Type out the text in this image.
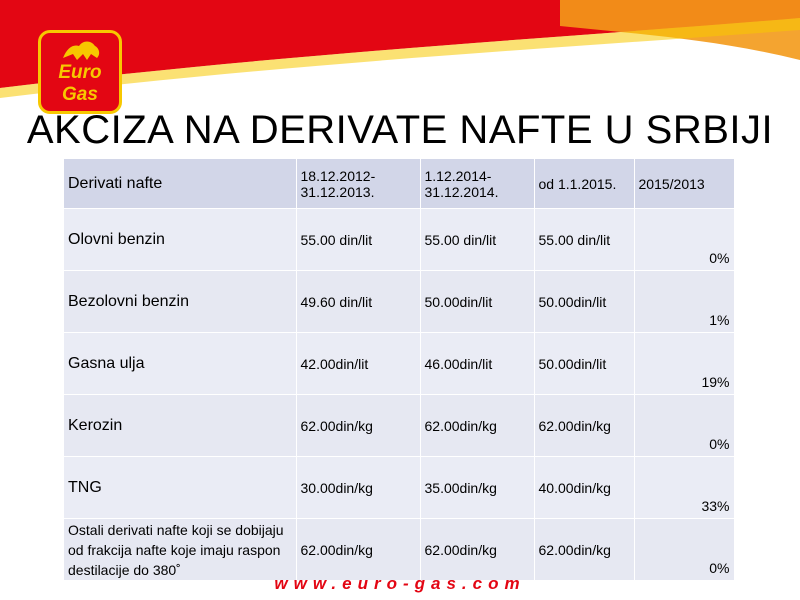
Euro
Gas
AKCIZA NA DERIVATE NAFTE U SRBIJI
Derivati nafte	18.12.2012-31.12.2013.	1.12.2014-31.12.2014.	od 1.1.2015.	2015/2013
Olovni benzin	55.00 din/lit	55.00 din/lit	55.00 din/lit	0%
Bezolovni benzin	49.60 din/lit	50.00din/lit	50.00din/lit	1%
Gasna ulja	42.00din/lit	46.00din/lit	50.00din/lit	19%
Kerozin	62.00din/kg	62.00din/kg	62.00din/kg	0%
TNG	30.00din/kg	35.00din/kg	40.00din/kg	33%
Ostali derivati nafte koji se dobijaju od frakcija nafte koje imaju raspon destilacije do 380˚	62.00din/kg	62.00din/kg	62.00din/kg	0%
www.euro-gas.com
